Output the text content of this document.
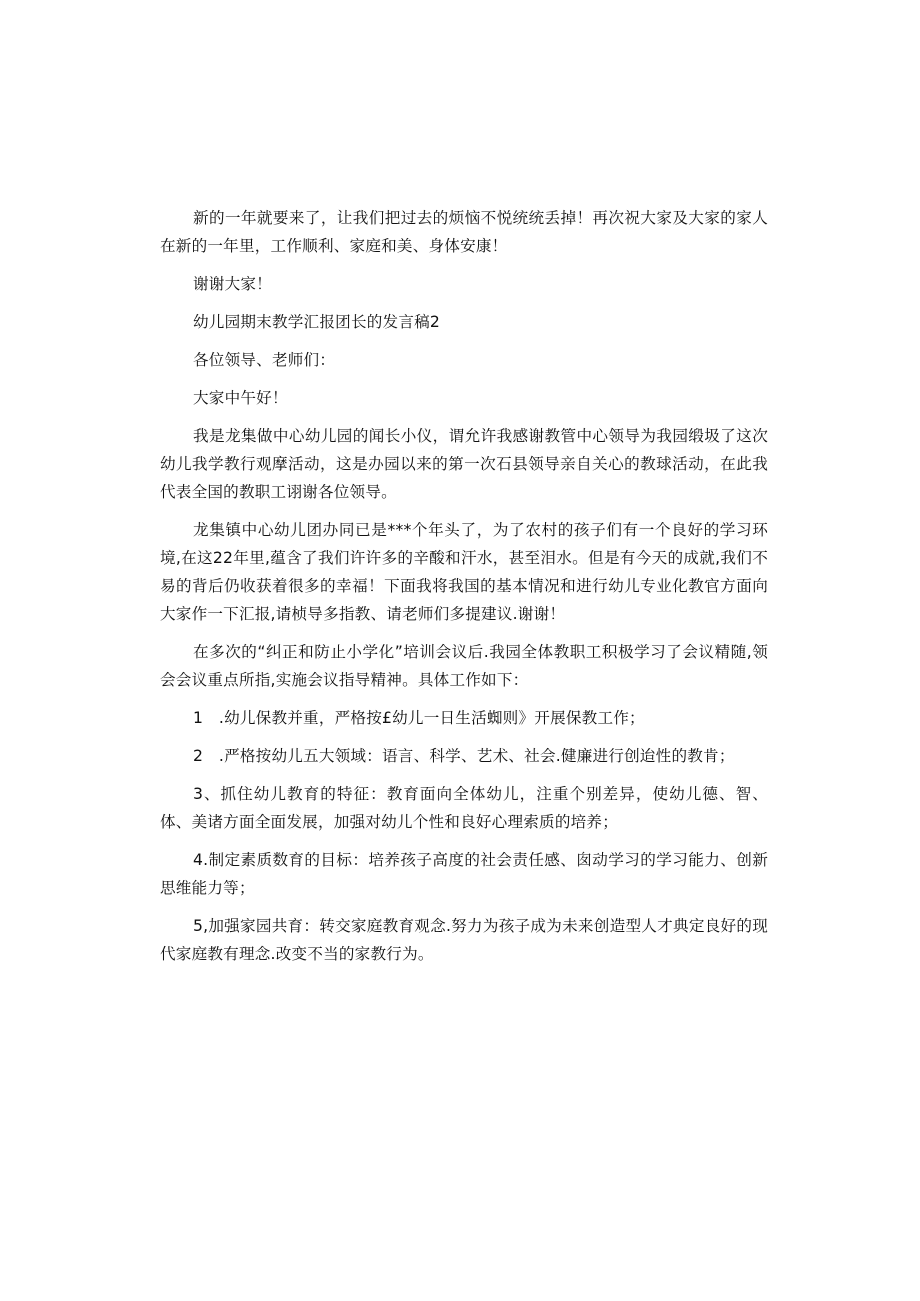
新的一年就要来了，让我们把过去的烦恼不悦统统丢掉！再次祝大家及大家的家人在新的一年里，工作顺利、家庭和美、身体安康！

谢谢大家！

幼儿园期末教学汇报团长的发言稿2

各位领导、老师们：

大家中午好！

我是龙集做中心幼儿园的闻长小仪，谓允许我感谢教管中心领导为我园缎圾了这次幼儿我学教行观摩活动，这是办园以来的第一次石县领导亲自关心的教球活动，在此我代表全国的教职工诩谢各位领导。

龙集镇中心幼儿团办同已是***个年头了，为了农村的孩子们有一个良好的学习环境,在这22年里,蕴含了我们许许多的辛酸和汗水，甚至泪水。但是有今天的成就,我们不易的背后仍收获着很多的幸福！下面我将我国的基本情况和进行幼儿专业化教官方面向大家作一下汇报,请桢导多指教、请老师们多提建议.谢谢！

在多次的“纠正和防止小学化”培训会议后.我园全体教职工积极学习了会议精随,领会会议重点所指,实施会议指导精神。具体工作如下：

1　.幼儿保教并重，严格按£幼儿一日生活蜘则》开展保教工作；

2　.严格按幼儿五大领域：语言、科学、艺术、社会.健廉进行创迨性的教肯；

3、抓住幼儿教育的特征：教育面向全体幼儿，注重个别差异，使幼儿德、智、体、美诸方面全面发展，加强对幼儿个性和良好心理索质的培养；

4.制定素质数育的目标：培养孩子高度的社会责任感、囱动学习的学习能力、创新思维能力等；

5,加强家园共育：转交家庭教育观念.努力为孩子成为未来创造型人才典定良好的现代家庭教有理念.改变不当的家教行为。
